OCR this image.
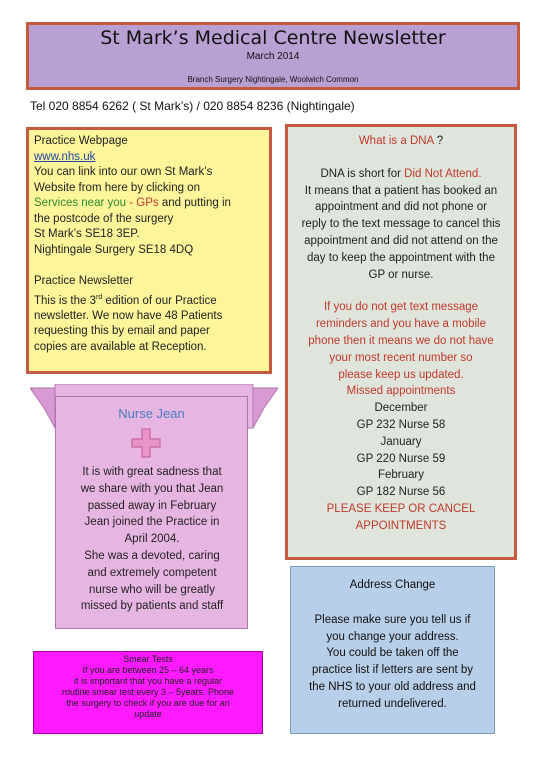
St Mark’s Medical Centre Newsletter
March 2014
Branch Surgery Nightingale, Woolwich Common
Tel 020 8854 6262 ( St Mark’s) / 020 8854 8236 (Nightingale)
Practice Webpage
www.nhs.uk
You can link into our own St Mark’s
Website from here by clicking on
Services near you - GPs and putting in
the postcode of the surgery
St Mark’s SE18 3EP.
Nightingale Surgery SE18 4DQ
Practice Newsletter
This is the 3rd edition of our Practice
newsletter. We now have 48 Patients
requesting this by email and paper
copies are available at Reception.
Nurse Jean
It is with great sadness that
we share with you that Jean
passed away in February
Jean joined the Practice in
April 2004.
She was a devoted, caring
and extremely competent
nurse who will be greatly
missed by patients and staff
Smear Tests
If you are between 25 – 64 years
it is important that you have a regular
routine smear test every 3 – 5years. Phone
the surgery to check if you are due for an
update
What is a DNA ?
DNA is short for Did Not Attend.
It means that a patient has booked an
appointment and did not phone or
reply to the text message to cancel this
appointment and did not attend on the
day to keep the appointment with the
GP or nurse.
If you do not get text message
reminders and you have a mobile
phone then it means we do not have
your most recent number so
please keep us updated.
Missed appointments
December
GP 232 Nurse 58
January
GP 220 Nurse 59
February
GP 182 Nurse 56
PLEASE KEEP OR CANCEL
APPOINTMENTS
Address Change
Please make sure you tell us if
you change your address.
You could be taken off the
practice list if letters are sent by
the NHS to your old address and
returned undelivered.
